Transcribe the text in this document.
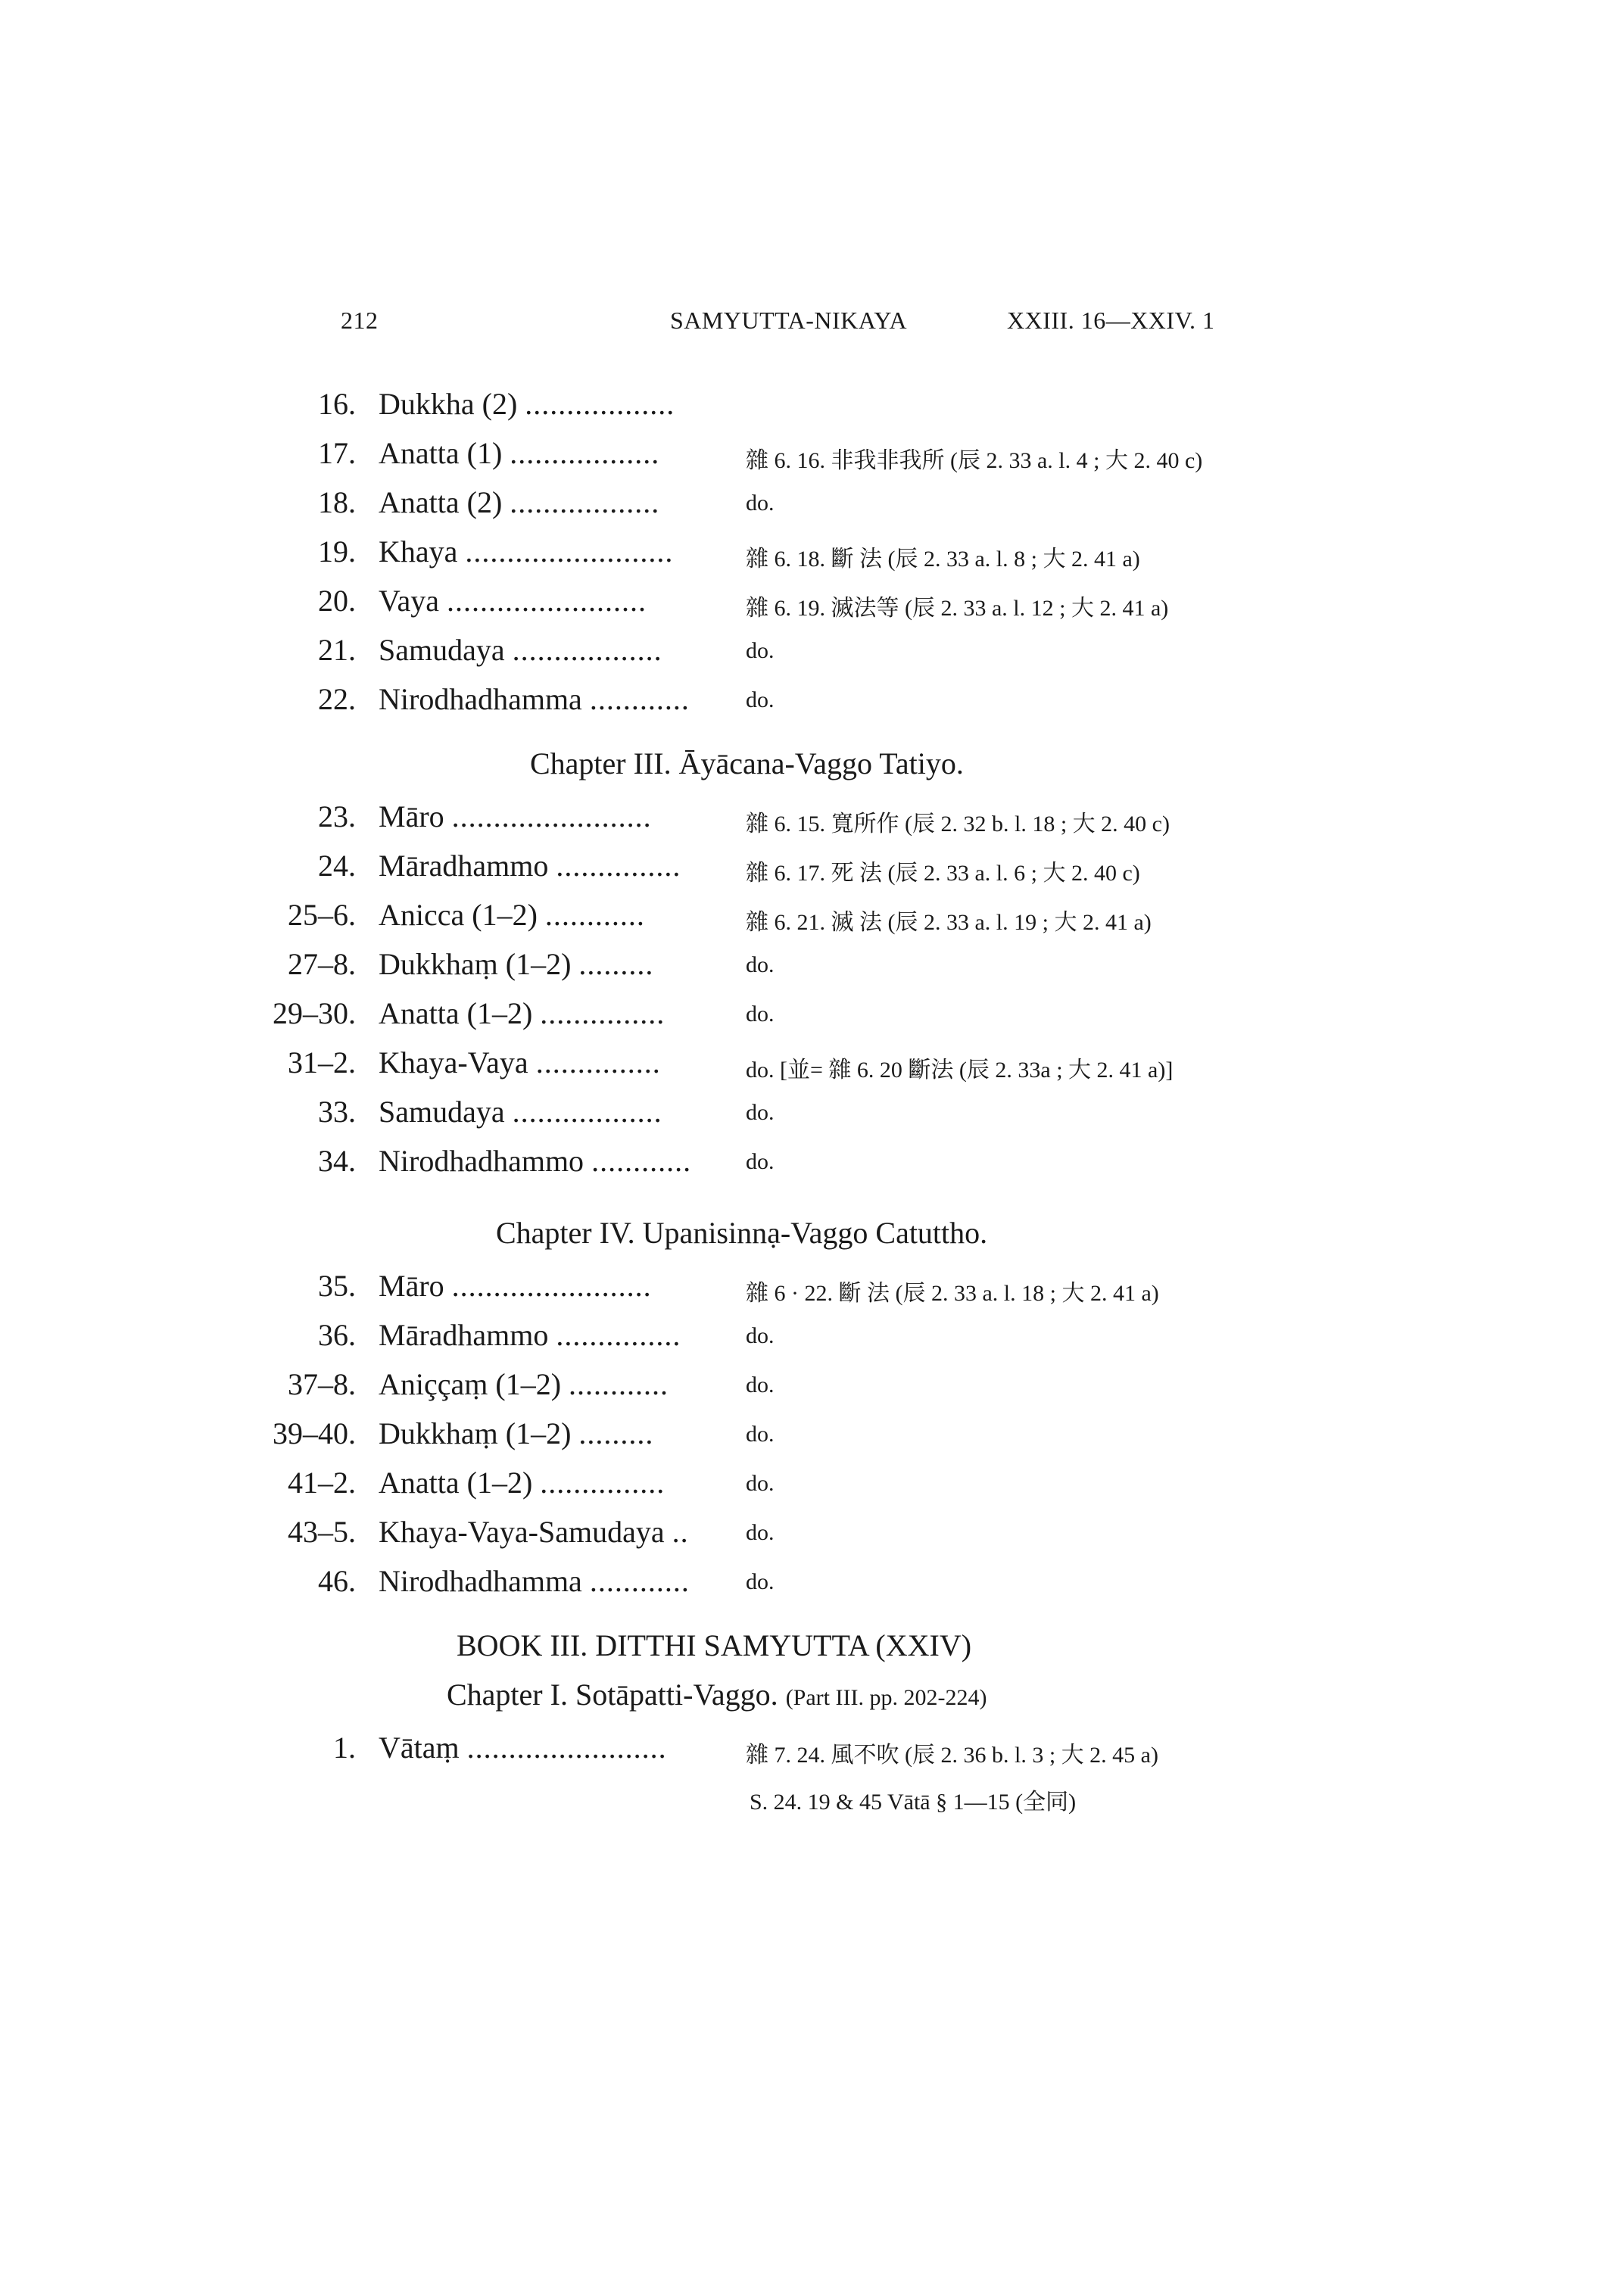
212	SAMYUTTA-NIKAYA	XXIII. 16—XXIV. 1
16. Dukkha (2) ..................
17. Anatta (1) ..................	雜 6. 16. 非我非我所 (辰 2. 33 a. l. 4 ; 大 2. 40 c)
18. Anatta (2) ..................	do.
19. Khaya .........................	雜 6. 18. 斷 法 (辰 2. 33 a. l. 8 ; 大 2. 41 a)
20. Vaya ........................	雜 6. 19. 滅法等 (辰 2. 33 a. l. 12 ; 大 2. 41 a)
21. Samudaya ..................	do.
22. Nirodhadhamma ............ do.
23. Māro ........................	雜 6. 15. 寬所作 (辰 2. 32 b. l. 18 ; 大 2. 40 c)
24. Māradhammo ...............	雜 6. 17. 死 法 (辰 2. 33 a. l. 6 ; 大 2. 40 c)
25–6. Anicca (1–2) ............	雜 6. 21. 滅 法 (辰 2. 33 a. l. 19 ; 大 2. 41 a)
27–8. Dukkhaṃ (1–2) .........	do.
29–30. Anatta (1–2) ...............	do.
31–2. Khaya-Vaya ...............	do. [並= 雜 6. 20 斷法 (辰 2. 33a ; 大 2. 41 a)]
33. Samudaya ..................	do.
34. Nirodhadhammo ............ do.
35. Māro ........................	雜 6 · 22. 斷 法 (辰 2. 33 a. l. 18 ; 大 2. 41 a)
36. Māradhammo ...............	do.
37–8. Aniççaṃ (1–2) ............	do.
39–40. Dukkhaṃ (1–2) .........	do.
41–2. Anatta (1–2) ...............	do.
43–5. Khaya-Vaya-Samudaya ..	do.
46. Nirodhadhamma ............ do.
1. Vātaṃ ........................	雜 7. 24. 風不吹 (辰 2. 36 b. l. 3 ; 大 2. 45 a)
Chapter III. Āyācana-Vaggo Tatiyo.
Chapter IV. Upanisinnạ-Vaggo Catuttho.
BOOK III. DITTHI SAMYUTTA (XXIV)
Chapter I. Sotāpatti-Vaggo. (Part III. pp. 202-224)
S. 24. 19 & 45 Vātā § 1—15 (全同)
